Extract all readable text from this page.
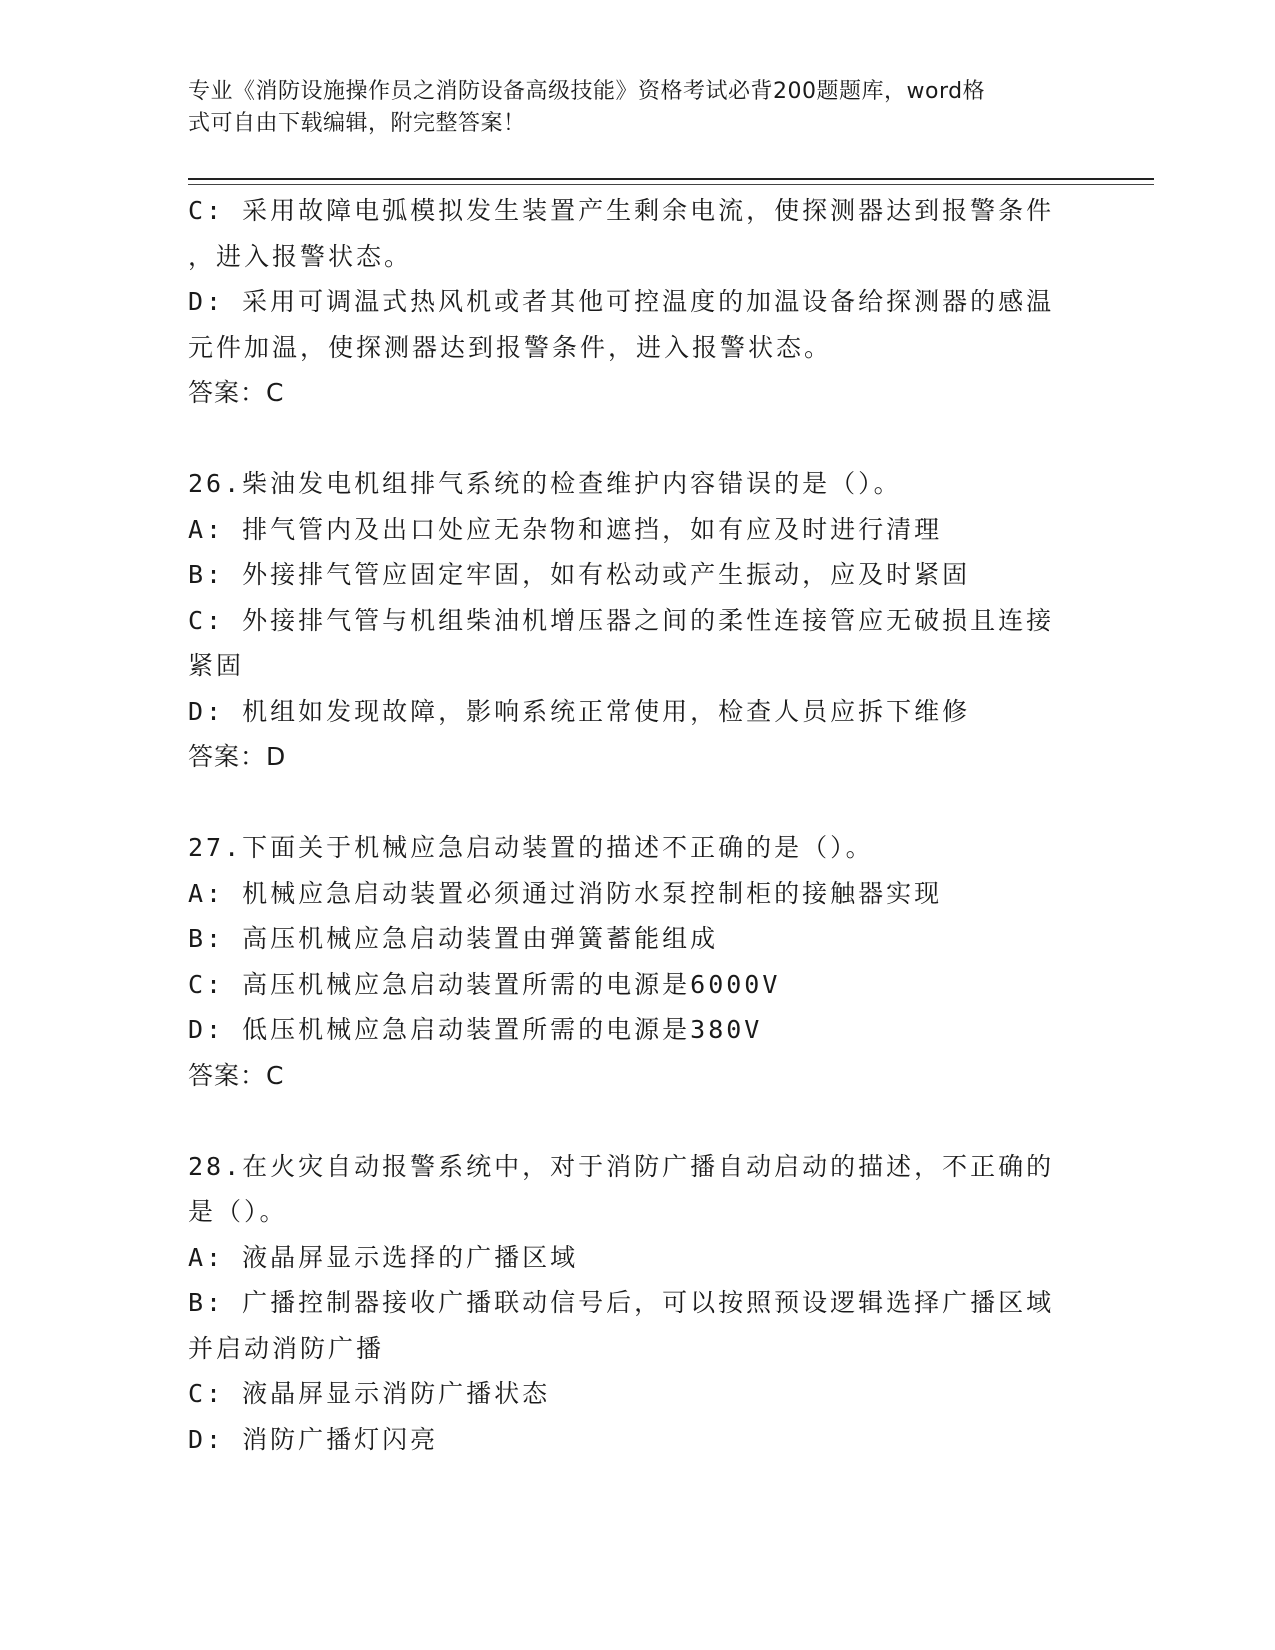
专业《消防设施操作员之消防设备高级技能》资格考试必背200题题库，word格
式可自由下载编辑，附完整答案！
C: 采用故障电弧模拟发生装置产生剩余电流，使探测器达到报警条件
，进入报警状态。
D: 采用可调温式热风机或者其他可控温度的加温设备给探测器的感温
元件加温，使探测器达到报警条件，进入报警状态。
答案：C
26.柴油发电机组排气系统的检查维护内容错误的是（）。
A: 排气管内及出口处应无杂物和遮挡，如有应及时进行清理
B: 外接排气管应固定牢固，如有松动或产生振动，应及时紧固
C: 外接排气管与机组柴油机增压器之间的柔性连接管应无破损且连接
紧固
D: 机组如发现故障，影响系统正常使用，检查人员应拆下维修
答案：D
27.下面关于机械应急启动装置的描述不正确的是（）。
A: 机械应急启动装置必须通过消防水泵控制柜的接触器实现
B: 高压机械应急启动装置由弹簧蓄能组成
C: 高压机械应急启动装置所需的电源是6000V
D: 低压机械应急启动装置所需的电源是380V
答案：C
28.在火灾自动报警系统中，对于消防广播自动启动的描述，不正确的
是（）。
A: 液晶屏显示选择的广播区域
B: 广播控制器接收广播联动信号后，可以按照预设逻辑选择广播区域
并启动消防广播
C: 液晶屏显示消防广播状态
D: 消防广播灯闪亮
